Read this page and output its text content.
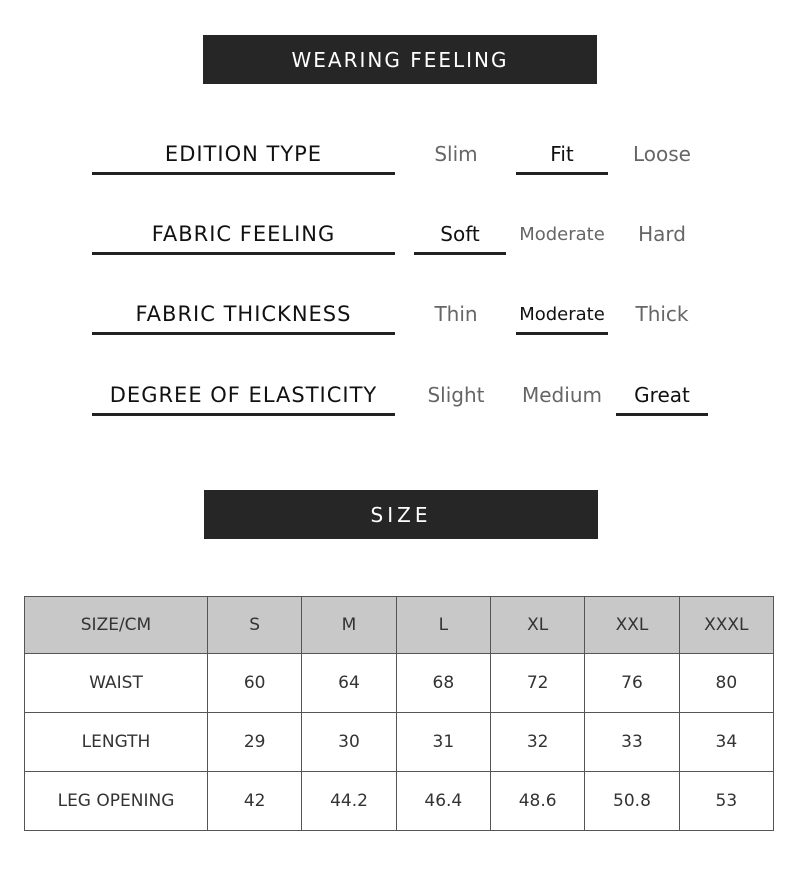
WEARING FEELING
EDITION TYPE	Slim	Fit	Loose
FABRIC FEELING	Soft	Moderate	Hard
FABRIC THICKNESS	Thin	Moderate	Thick
DEGREE OF ELASTICITY	Slight	Medium	Great
SIZE
SIZE/CM	S	M	L	XL	XXL	XXXL
WAIST	60	64	68	72	76	80
LENGTH	29	30	31	32	33	34
LEG OPENING	42	44.2	46.4	48.6	50.8	53
